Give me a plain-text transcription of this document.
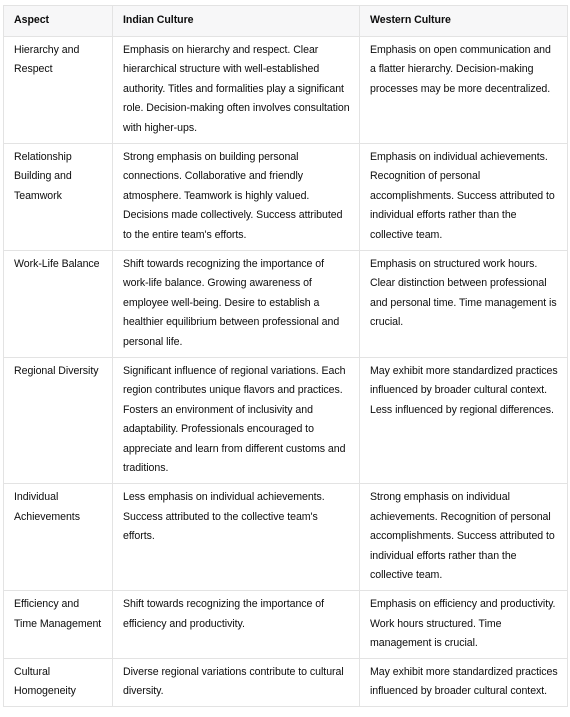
Aspect	Indian Culture	Western Culture
Hierarchy and Respect	Emphasis on hierarchy and respect. Clear hierarchical structure with well-established authority. Titles and formalities play a significant role. Decision-making often involves consultation with higher-ups.	Emphasis on open communication and a flatter hierarchy. Decision-making processes may be more decentralized.
Relationship Building and Teamwork	Strong emphasis on building personal connections. Collaborative and friendly atmosphere. Teamwork is highly valued. Decisions made collectively. Success attributed to the entire team's efforts.	Emphasis on individual achievements. Recognition of personal accomplishments. Success attributed to individual efforts rather than the collective team.
Work-Life Balance	Shift towards recognizing the importance of work-life balance. Growing awareness of employee well-being. Desire to establish a healthier equilibrium between professional and personal life.	Emphasis on structured work hours. Clear distinction between professional and personal time. Time management is crucial.
Regional Diversity	Significant influence of regional variations. Each region contributes unique flavors and practices. Fosters an environment of inclusivity and adaptability. Professionals encouraged to appreciate and learn from different customs and traditions.	May exhibit more standardized practices influenced by broader cultural context. Less influenced by regional differences.
Individual Achievements	Less emphasis on individual achievements. Success attributed to the collective team's efforts.	Strong emphasis on individual achievements. Recognition of personal accomplishments. Success attributed to individual efforts rather than the collective team.
Efficiency and Time Management	Shift towards recognizing the importance of efficiency and productivity.	Emphasis on efficiency and productivity. Work hours structured. Time management is crucial.
Cultural Homogeneity	Diverse regional variations contribute to cultural diversity.	May exhibit more standardized practices influenced by broader cultural context.
